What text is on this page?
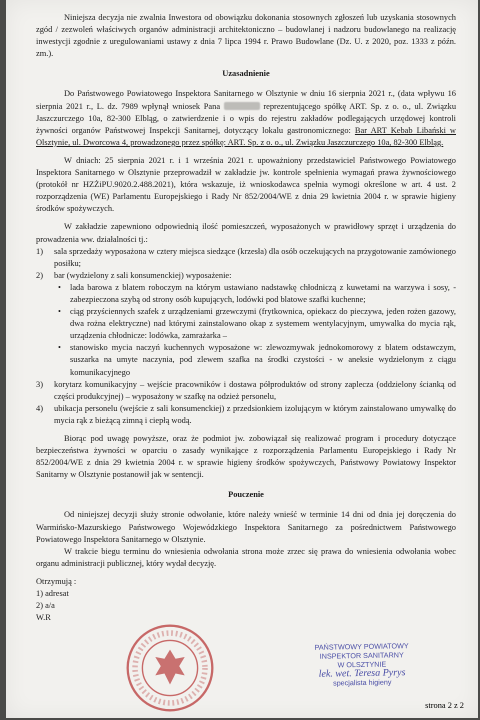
Niniejsza decyzja nie zwalnia Inwestora od obowiązku dokonania stosownych zgłoszeń lub uzyskania stosownych zgód / zezwoleń właściwych organów administracji architektoniczno – budowlanej i nadzoru budowlanego na realizację inwestycji zgodnie z uregulowaniami ustawy z dnia 7 lipca 1994 r. Prawo Budowlane (Dz. U. z 2020, poz. 1333 z późn. zm.).

Uzasadnienie

Do Państwowego Powiatowego Inspektora Sanitarnego w Olsztynie w dniu 16 sierpnia 2021 r., (data wpływu 16 sierpnia 2021 r., L. dz. 7989 wpłynął wniosek Pana	reprezentującego spółkę ART. Sp. z o. o., ul. Związku Jaszczurczego 10a, 82-300 Elbląg, o zatwierdzenie i o wpis do rejestru zakładów podlegających urzędowej kontroli żywności organów Państwowej Inspekcji Sanitarnej, dotyczący lokalu gastronomicznego: Bar ART Kebab Libański w Olsztynie, ul. Dworcowa 4, prowadzonego przez spółkę: ART. Sp. z o. o., ul. Związku Jaszczurczego 10a, 82-300 Elbląg.

W dniach: 25 sierpnia 2021 r. i 1 września 2021 r. upoważniony przedstawiciel Państwowego Powiatowego Inspektora Sanitarnego w Olsztynie przeprowadził w zakładzie jw. kontrole spełnienia wymagań prawa żywnościowego (protokół nr HZŻiPU.9020.2.488.2021), która wskazuje, iż wnioskodawca spełnia wymogi określone w art. 4 ust. 2 rozporządzenia (WE) Parlamentu Europejskiego i Rady Nr 852/2004/WE z dnia 29 kwietnia 2004 r. w sprawie higieny środków spożywczych.

W zakładzie zapewniono odpowiednią ilość pomieszczeń, wyposażonych w prawidłowy sprzęt i urządzenia do prowadzenia ww. działalności tj.:

1) sala sprzedaży wyposażona w cztery miejsca siedzące (krzesła) dla osób oczekujących na przygotowanie zamówionego posiłku;
2) bar (wydzielony z sali konsumenckiej) wyposażenie:
• lada barowa z blatem roboczym na którym ustawiano nadstawkę chłodniczą z kuwetami na warzywa i sosy, - zabezpieczona szybą od strony osób kupujących, lodówki pod blatowe szafki kuchenne;
• ciąg przyściennych szafek z urządzeniami grzewczymi (frytkownica, opiekacz do pieczywa, jeden rożen gazowy, dwa rożna elektryczne) nad którymi zainstalowano okap z systemem wentylacyjnym, umywalka do mycia rąk, urządzenia chłodnicze: lodówka, zamrażarka –
• stanowisko mycia naczyń kuchennych wyposażone w: zlewozmywak jednokomorowy z blatem odstawczym, suszarka na umyte naczynia, pod zlewem szafka na środki czystości - w aneksie wydzielonym z ciągu komunikacyjnego
3) korytarz komunikacyjny – wejście pracowników i dostawa półproduktów od strony zaplecza (oddzielony ścianką od części produkcyjnej) – wyposażony w szafkę na odzież personelu,
4) ubikacja personelu (wejście z sali konsumenckiej) z przedsionkiem izolującym w którym zainstalowano umywalkę do mycia rąk z bieżącą zimną i ciepłą wodą.

Biorąc pod uwagę powyższe, oraz że podmiot jw. zobowiązał się realizować program i procedury dotyczące bezpieczeństwa żywności w oparciu o zasady wynikające z rozporządzenia Parlamentu Europejskiego i Rady Nr 852/2004/WE z dnia 29 kwietnia 2004 r. w sprawie higieny środków spożywczych, Państwowy Powiatowy Inspektor Sanitarny w Olsztynie postanowił jak w sentencji.

Pouczenie

Od niniejszej decyzji służy stronie odwołanie, które należy wnieść w terminie 14 dni od dnia jej doręczenia do Warmińsko-Mazurskiego Państwowego Wojewódzkiego Inspektora Sanitarnego za pośrednictwem Państwowego Powiatowego Inspektora Sanitarnego w Olsztynie.

W trakcie biegu terminu do wniesienia odwołania strona może zrzec się prawa do wniesienia odwołania wobec organu administracji publicznej, który wydał decyzję.

Otrzymują :

1) adresat

2) a/a

W.R

PAŃSTWOWY POWIATOWY
INSPEKTOR SANITARNY
W OLSZTYNIE
lek. wet. Teresa Pyrys
specjalista higieny
strona 2 z 2
